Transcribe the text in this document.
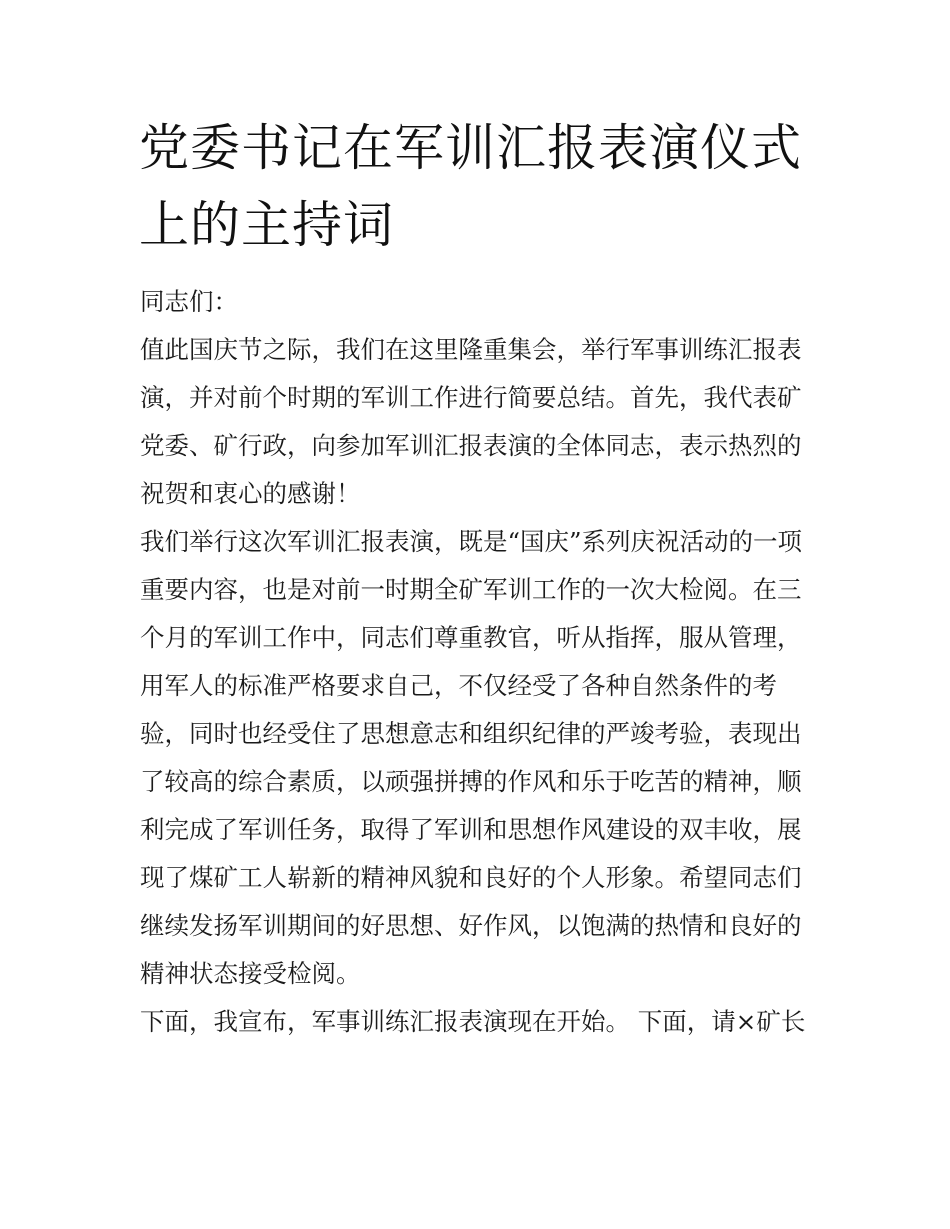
党委书记在军训汇报表演仪式
上的主持词
同志们：
值此国庆节之际，我们在这里隆重集会，举行军事训练汇报表
演，并对前个时期的军训工作进行简要总结。首先，我代表矿
党委、矿行政，向参加军训汇报表演的全体同志，表示热烈的
祝贺和衷心的感谢！
我们举行这次军训汇报表演，既是“国庆”系列庆祝活动的一项
重要内容，也是对前一时期全矿军训工作的一次大检阅。在三
个月的军训工作中，同志们尊重教官，听从指挥，服从管理，
用军人的标准严格要求自己，不仅经受了各种自然条件的考
验，同时也经受住了思想意志和组织纪律的严竣考验，表现出
了较高的综合素质，以顽强拼搏的作风和乐于吃苦的精神，顺
利完成了军训任务，取得了军训和思想作风建设的双丰收，展
现了煤矿工人崭新的精神风貌和良好的个人形象。希望同志们
继续发扬军训期间的好思想、好作风，以饱满的热情和良好的
精神状态接受检阅。
下面，我宣布，军事训练汇报表演现在开始。 下面，请×矿长
